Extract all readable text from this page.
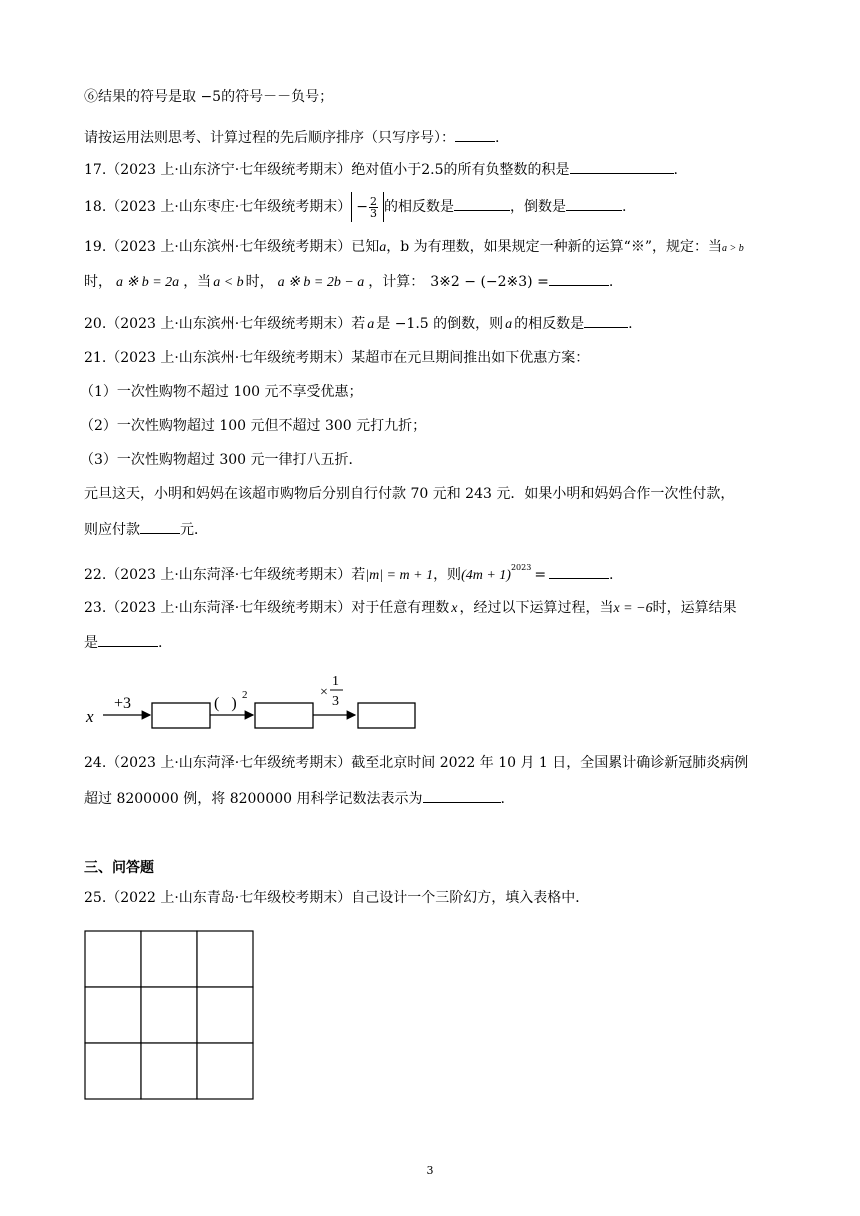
⑥结果的符号是取 −5的符号－－负号；
请按运用法则思考、计算过程的先后顺序排序（只写序号）：	.
17.（2023 上·山东济宁·七年级统考期末）绝对值小于2.5的所有负整数的积是	.
18.（2023 上·山东枣庄·七年级统考期末） − $\frac{2}{3}$ 的相反数是	，倒数是	.
19.（2023 上·山东滨州·七年级统考期末）已知a，b 为有理数，如果规定一种新的运算“※”，规定：当a > b
时， a ※ b = 2a ，当 a < b 时， a ※ b = 2b − a ，计算： 3※2 − (−2※3) =	.
20.（2023 上·山东滨州·七年级统考期末）若 a 是 −1.5 的倒数，则 a 的相反数是	.
21.（2023 上·山东滨州·七年级统考期末）某超市在元旦期间推出如下优惠方案：
（1）一次性购物不超过 100 元不享受优惠；
（2）一次性购物超过 100 元但不超过 300 元打九折；
（3）一次性购物超过 300 元一律打八五折．
元旦这天，小明和妈妈在该超市购物后分别自行付款 70 元和 243 元．如果小明和妈妈合作一次性付款，
则应付款	元．
22.（2023 上·山东菏泽·七年级统考期末）若|m| = m + 1，则$(4m + 1)^{2023}$ =	.
23.（2023 上·山东菏泽·七年级统考期末）对于任意有理数 x ，经过以下运算过程，当x = −6时，运算结果
是	.
x
+3	(   ) 2	×
1
3
24.（2023 上·山东菏泽·七年级统考期末）截至北京时间 2022 年 10 月 1 日，全国累计确诊新冠肺炎病例
超过 8200000 例，将 8200000 用科学记数法表示为	.
三、问答题
25.（2022 上·山东青岛·七年级校考期末）自己设计一个三阶幻方，填入表格中．
3
